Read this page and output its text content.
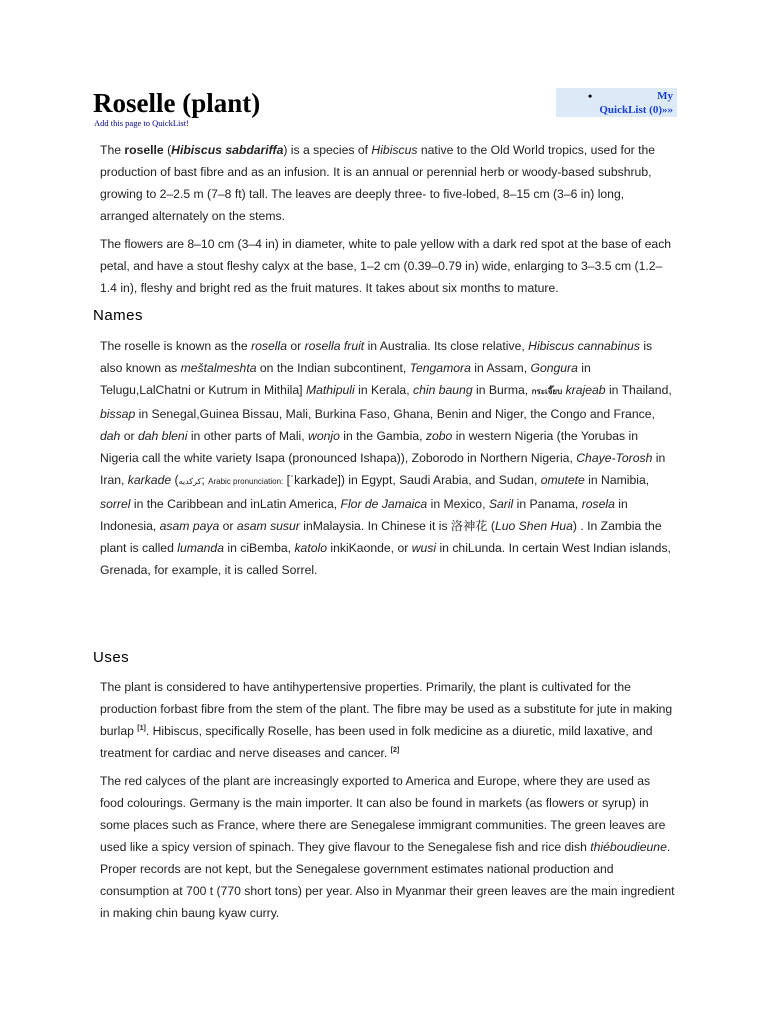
Roselle (plant)
Add this page to QuickList!
•	My
QuickList (0)»»

The roselle (Hibiscus sabdariffa) is a species of Hibiscus native to the Old World tropics, used for the production of bast fibre and as an infusion. It is an annual or perennial herb or woody-based subshrub, growing to 2–2.5 m (7–8 ft) tall. The leaves are deeply three- to five-lobed, 8–15 cm (3–6 in) long, arranged alternately on the stems.

The flowers are 8–10 cm (3–4 in) in diameter, white to pale yellow with a dark red spot at the base of each petal, and have a stout fleshy calyx at the base, 1–2 cm (0.39–0.79 in) wide, enlarging to 3–3.5 cm (1.2–1.4 in), fleshy and bright red as the fruit matures. It takes about six months to mature.

Names

The roselle is known as the rosella or rosella fruit in Australia. Its close relative, Hibiscus cannabinus is also known as meštalmeshta on the Indian subcontinent, Tengamora in Assam, Gongura in Telugu,LalChatni or Kutrum in Mithila] Mathipuli in Kerala, chin baung in Burma, กระเจี๊ยบ krajeab in Thailand, bissap in Senegal,Guinea Bissau, Mali, Burkina Faso, Ghana, Benin and Niger, the Congo and France, dah or dah bleni in other parts of Mali, wonjo in the Gambia, zobo in western Nigeria (the Yorubas in Nigeria call the white variety Isapa (pronounced Ishapa)), Zoborodo in Northern Nigeria, Chaye-Torosh in Iran, karkade (كركديه; Arabic pronunciation: [ˈkarkade]) in Egypt, Saudi Arabia, and Sudan, omutete in Namibia, sorrel in the Caribbean and inLatin America, Flor de Jamaica in Mexico, Saril in Panama, rosela in Indonesia, asam paya or asam susur inMalaysia. In Chinese it is 洛神花 (Luo Shen Hua) . In Zambia the plant is called lumanda in ciBemba, katolo inkiKaonde, or wusi in chiLunda. In certain West Indian islands, Grenada, for example, it is called Sorrel.

Uses

The plant is considered to have antihypertensive properties. Primarily, the plant is cultivated for the production forbast fibre from the stem of the plant. The fibre may be used as a substitute for jute in making burlap [1]. Hibiscus, specifically Roselle, has been used in folk medicine as a diuretic, mild laxative, and treatment for cardiac and nerve diseases and cancer. [2]

The red calyces of the plant are increasingly exported to America and Europe, where they are used as food colourings. Germany is the main importer. It can also be found in markets (as flowers or syrup) in some places such as France, where there are Senegalese immigrant communities. The green leaves are used like a spicy version of spinach. They give flavour to the Senegalese fish and rice dish thiéboudieune. Proper records are not kept, but the Senegalese government estimates national production and consumption at 700 t (770 short tons) per year. Also in Myanmar their green leaves are the main ingredient in making chin baung kyaw curry.
